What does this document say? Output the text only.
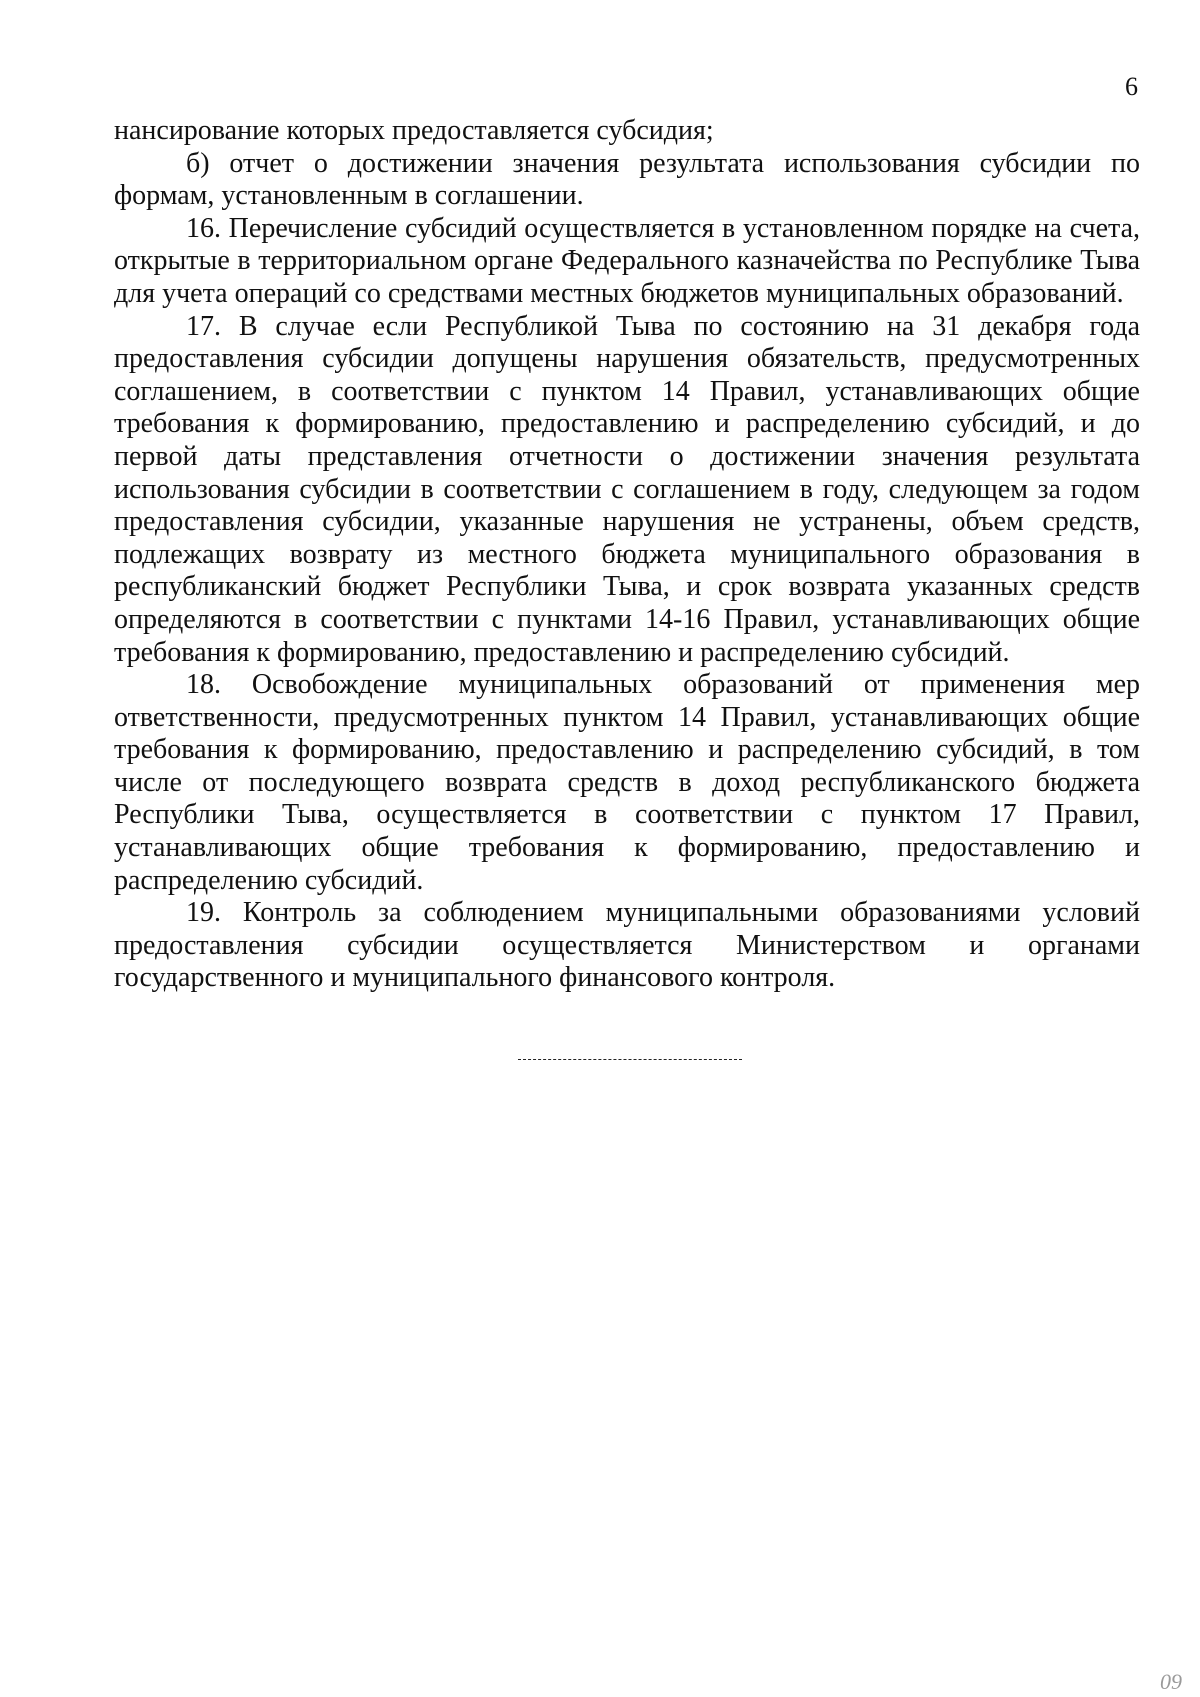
6

нансирование которых предоставляется субсидия;

б) отчет о достижении значения результата использования субсидии по формам, установленным в соглашении.

16. Перечисление субсидий осуществляется в установленном порядке на счета, открытые в территориальном органе Федерального казначейства по Республике Тыва для учета операций со средствами местных бюджетов муниципальных образований.

17. В случае если Республикой Тыва по состоянию на 31 декабря года предоставления субсидии допущены нарушения обязательств, предусмотренных соглашением, в соответствии с пунктом 14 Правил, устанавливающих общие требования к формированию, предоставлению и распределению субсидий, и до первой даты представления отчетности о достижении значения результата использования субсидии в соответствии с соглашением в году, следующем за годом предоставления субсидии, указанные нарушения не устранены, объем средств, подлежащих возврату из местного бюджета муниципального образования в республиканский бюджет Республики Тыва, и срок возврата указанных средств определяются в соответствии с пунктами 14-16 Правил, устанавливающих общие требования к формированию, предоставлению и распределению субсидий.

18. Освобождение муниципальных образований от применения мер ответственности, предусмотренных пунктом 14 Правил, устанавливающих общие требования к формированию, предоставлению и распределению субсидий, в том числе от последующего возврата средств в доход республиканского бюджета Республики Тыва, осуществляется в соответствии с пунктом 17 Правил, устанавливающих общие требования к формированию, предоставлению и распределению субсидий.

19. Контроль за соблюдением муниципальными образованиями условий предоставления субсидии осуществляется Министерством и органами государственного и муниципального финансового контроля.

09
